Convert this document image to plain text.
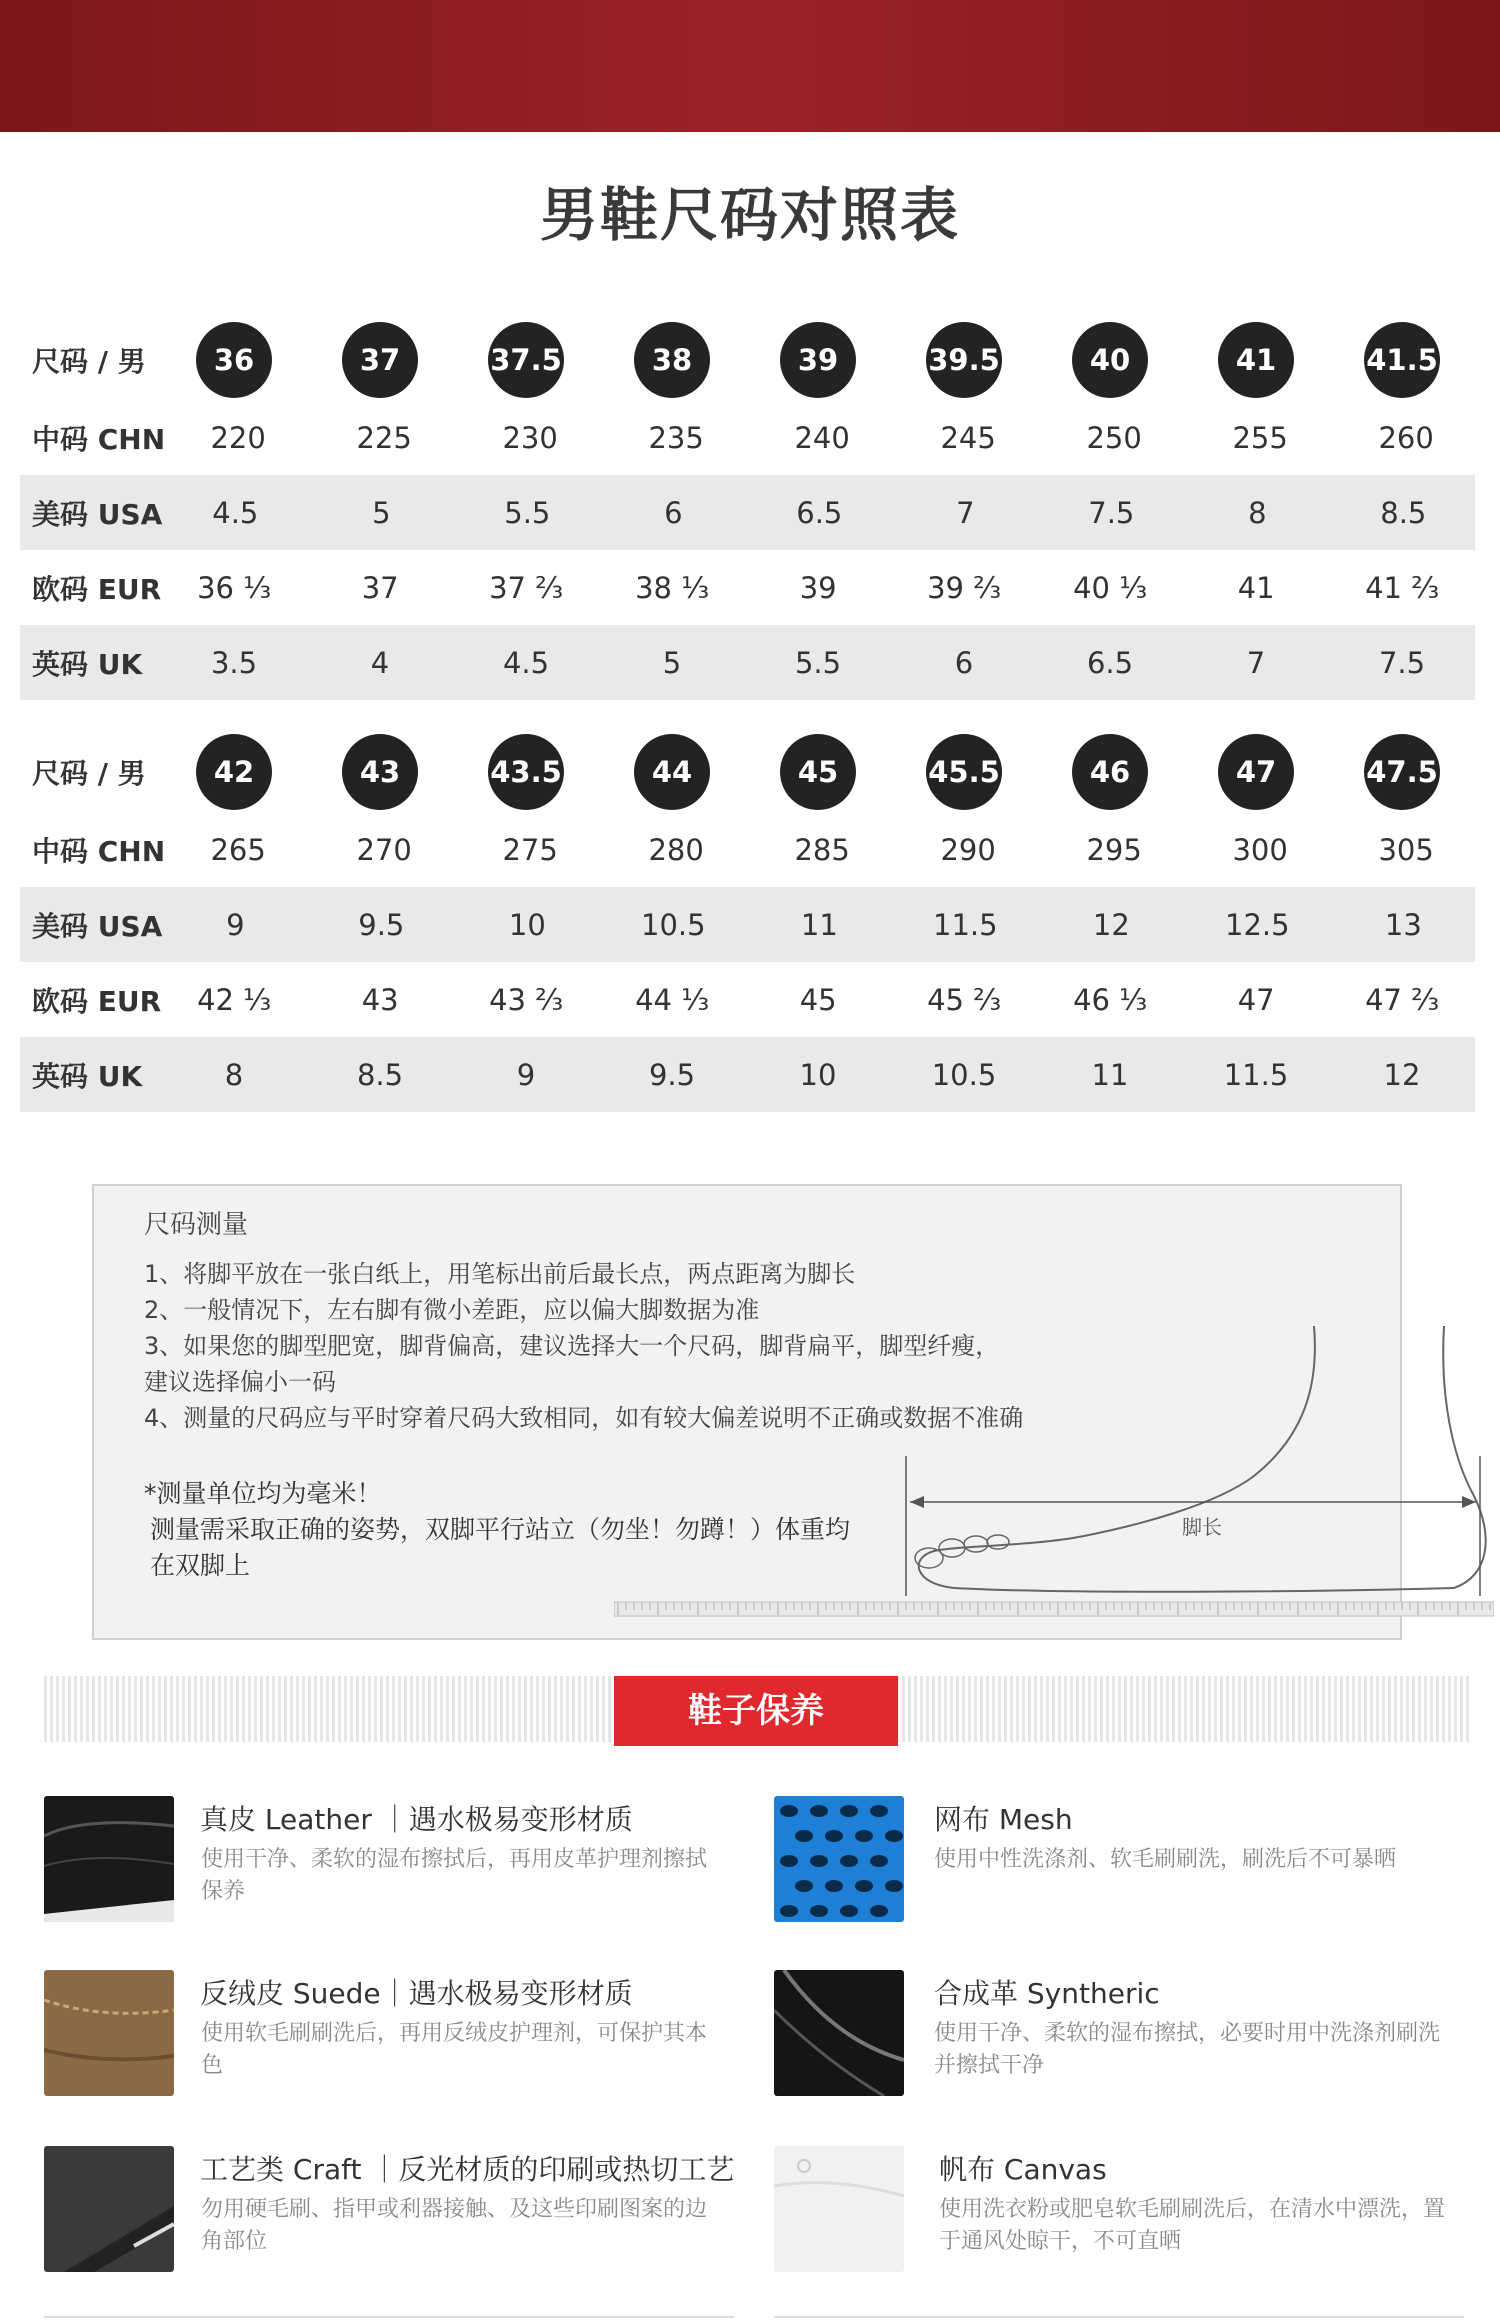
男鞋尺码对照表
尺码 / 男	36	37	37.5	38	39	39.5	40	41	41.5
中码 CHN	220	225	230	235	240	245	250	255	260
美码 USA	4.5	5	5.5	6	6.5	7	7.5	8	8.5
欧码 EUR	36 ⅓	37	37 ⅔	38 ⅓	39	39 ⅔	40 ⅓	41	41 ⅔
英码 UK	3.5	4	4.5	5	5.5	6	6.5	7	7.5
尺码 / 男	42	43	43.5	44	45	45.5	46	47	47.5
中码 CHN	265	270	275	280	285	290	295	300	305
美码 USA	9	9.5	10	10.5	11	11.5	12	12.5	13
欧码 EUR	42 ⅓	43	43 ⅔	44 ⅓	45	45 ⅔	46 ⅓	47	47 ⅔
英码 UK	8	8.5	9	9.5	10	10.5	11	11.5	12
尺码测量
1、将脚平放在一张白纸上，用笔标出前后最长点，两点距离为脚长
2、一般情况下，左右脚有微小差距，应以偏大脚数据为准
3、如果您的脚型肥宽，脚背偏高，建议选择大一个尺码，脚背扁平，脚型纤瘦，
建议选择偏小一码
4、测量的尺码应与平时穿着尺码大致相同，如有较大偏差说明不正确或数据不准确
*测量单位均为毫米！
测量需采取正确的姿势，双脚平行站立（勿坐！勿蹲！）体重均
在双脚上
脚长
鞋子保养
真皮 Leather ｜遇水极易变形材质
使用干净、柔软的湿布擦拭后，再用皮革护理剂擦拭保养
网布 Mesh
使用中性洗涤剂、软毛刷刷洗，刷洗后不可暴晒
反绒皮 Suede｜遇水极易变形材质
使用软毛刷刷洗后，再用反绒皮护理剂，可保护其本色
合成革 Syntheric
使用干净、柔软的湿布擦拭，必要时用中洗涤剂刷洗并擦拭干净
工艺类 Craft ｜反光材质的印刷或热切工艺
勿用硬毛刷、指甲或利器接触、及这些印刷图案的边角部位
帆布 Canvas
使用洗衣粉或肥皂软毛刷刷洗后，在清水中漂洗，置于通风处晾干，不可直晒
